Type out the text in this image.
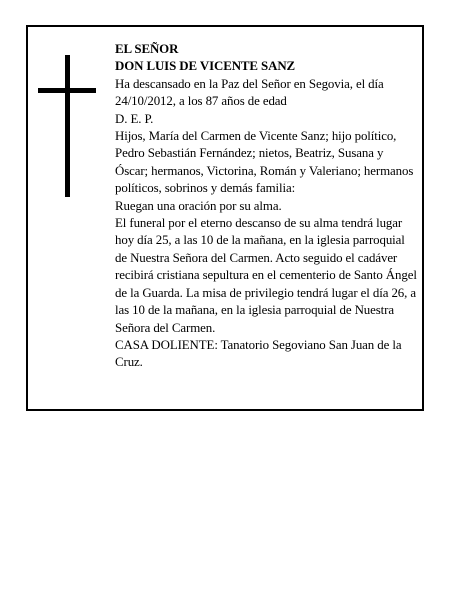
EL SEÑOR

DON LUIS DE VICENTE SANZ

Ha descansado en la Paz del Señor en Segovia, el día 24/10/2012, a los 87 años de edad

D. E. P.

Hijos, María del Carmen de Vicente Sanz; hijo político, Pedro Sebastián Fernández; nietos, Beatriz, Susana y Óscar; hermanos, Victorina, Román y Valeriano; hermanos políticos, sobrinos y demás familia:

Ruegan una oración por su alma.

El funeral por el eterno descanso de su alma tendrá lugar hoy día 25, a las 10 de la mañana, en la iglesia parroquial de Nuestra Señora del Carmen. Acto seguido el cadáver recibirá cristiana sepultura en el cementerio de Santo Ángel de la Guarda. La misa de privilegio tendrá lugar el día 26, a las 10 de la mañana, en la iglesia parroquial de Nuestra Señora del Carmen.

CASA DOLIENTE: Tanatorio Segoviano San Juan de la Cruz.
